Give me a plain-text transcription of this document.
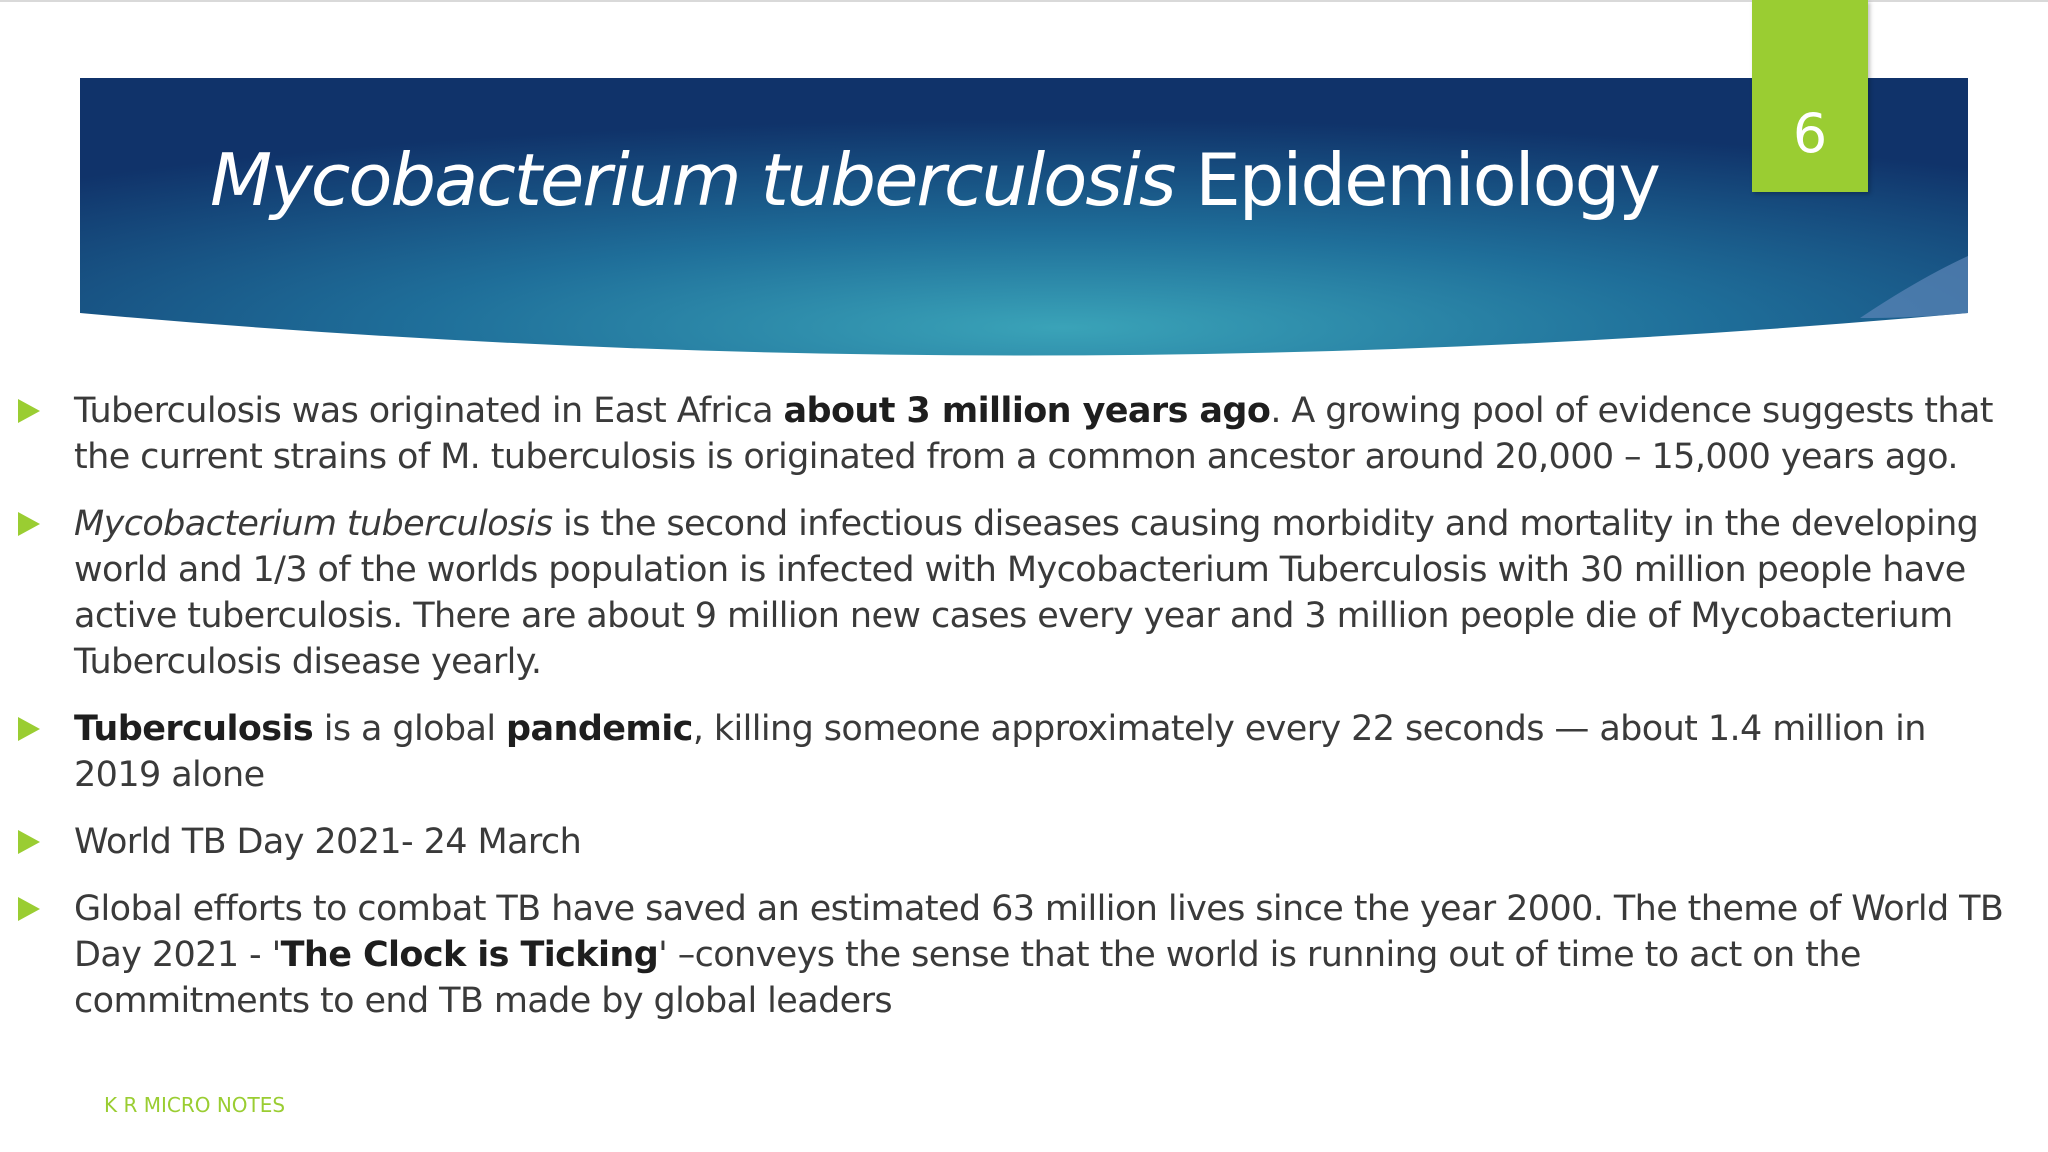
Mycobacterium tuberculosis Epidemiology
6
Tuberculosis was originated in East Africa about 3 million years ago. A growing pool of evidence suggests that the current strains of M. tuberculosis is originated from a common ancestor around 20,000 – 15,000 years ago.
Mycobacterium tuberculosis is the second infectious diseases causing morbidity and mortality in the developing world and 1/3 of the worlds population is infected with Mycobacterium Tuberculosis with 30 million people have active tuberculosis. There are about 9 million new cases every year and 3 million people die of Mycobacterium Tuberculosis disease yearly.
Tuberculosis is a global pandemic, killing someone approximately every 22 seconds — about 1.4 million in 2019 alone
World TB Day 2021- 24 March
Global efforts to combat TB have saved an estimated 63 million lives since the year 2000. The theme of World TB Day 2021 - 'The Clock is Ticking' –conveys the sense that the world is running out of time to act on the commitments to end TB made by global leaders
K R MICRO NOTES
